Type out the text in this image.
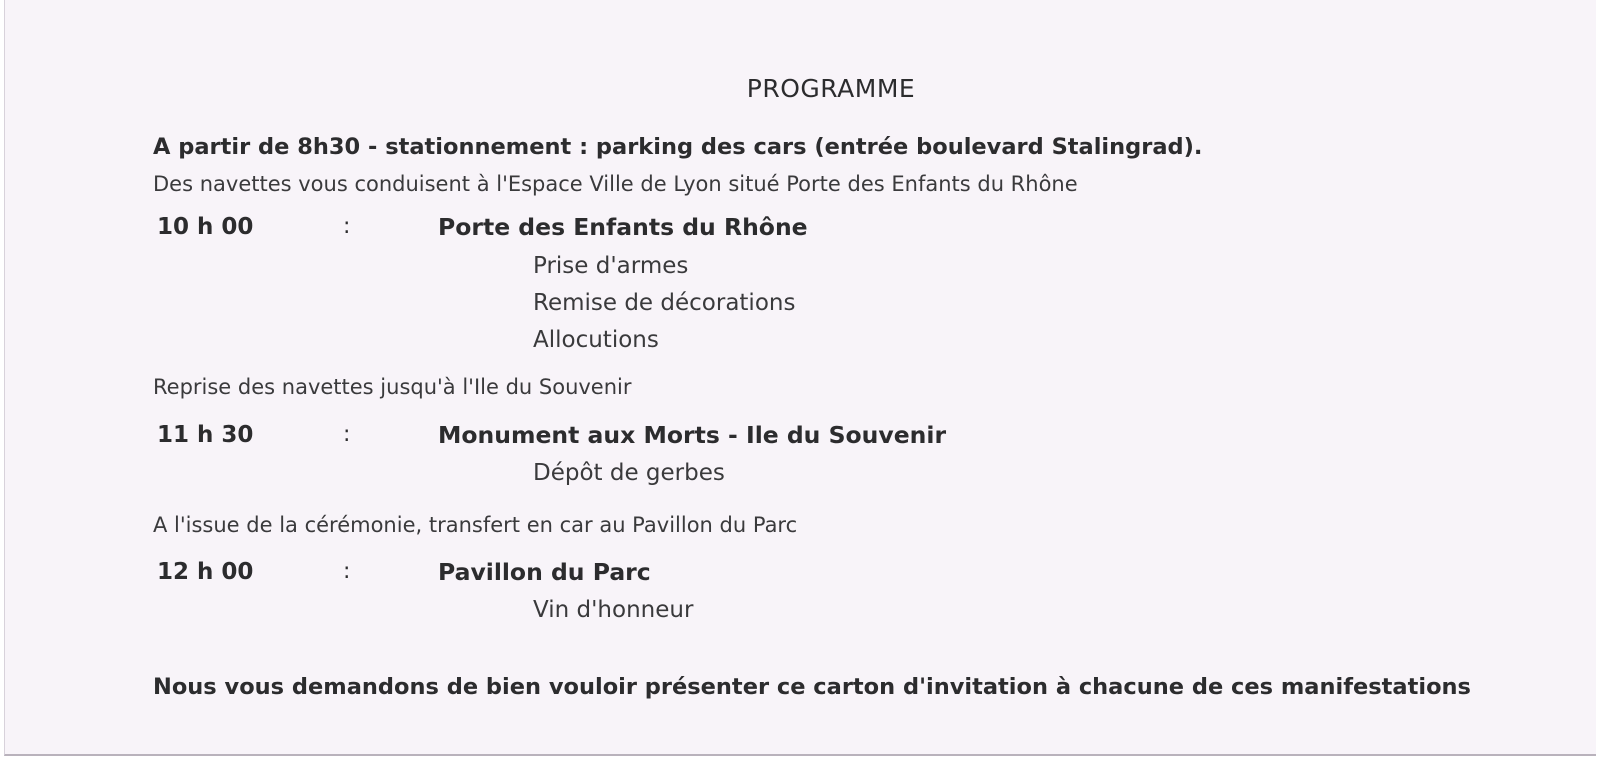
PROGRAMME
A partir de 8h30 - stationnement : parking des cars (entrée boulevard Stalingrad).
Des navettes vous conduisent à l'Espace Ville de Lyon situé Porte des Enfants du Rhône
10 h 00	:	Porte des Enfants du Rhône
Prise d'armes
Remise de décorations
Allocutions
Reprise des navettes jusqu'à l'Ile du Souvenir
11 h 30	:	Monument aux Morts - Ile du Souvenir
Dépôt de gerbes
A l'issue de la cérémonie, transfert en car au Pavillon du Parc
12 h 00	:	Pavillon du Parc
Vin d'honneur
Nous vous demandons de bien vouloir présenter ce carton d'invitation à chacune de ces manifestations
